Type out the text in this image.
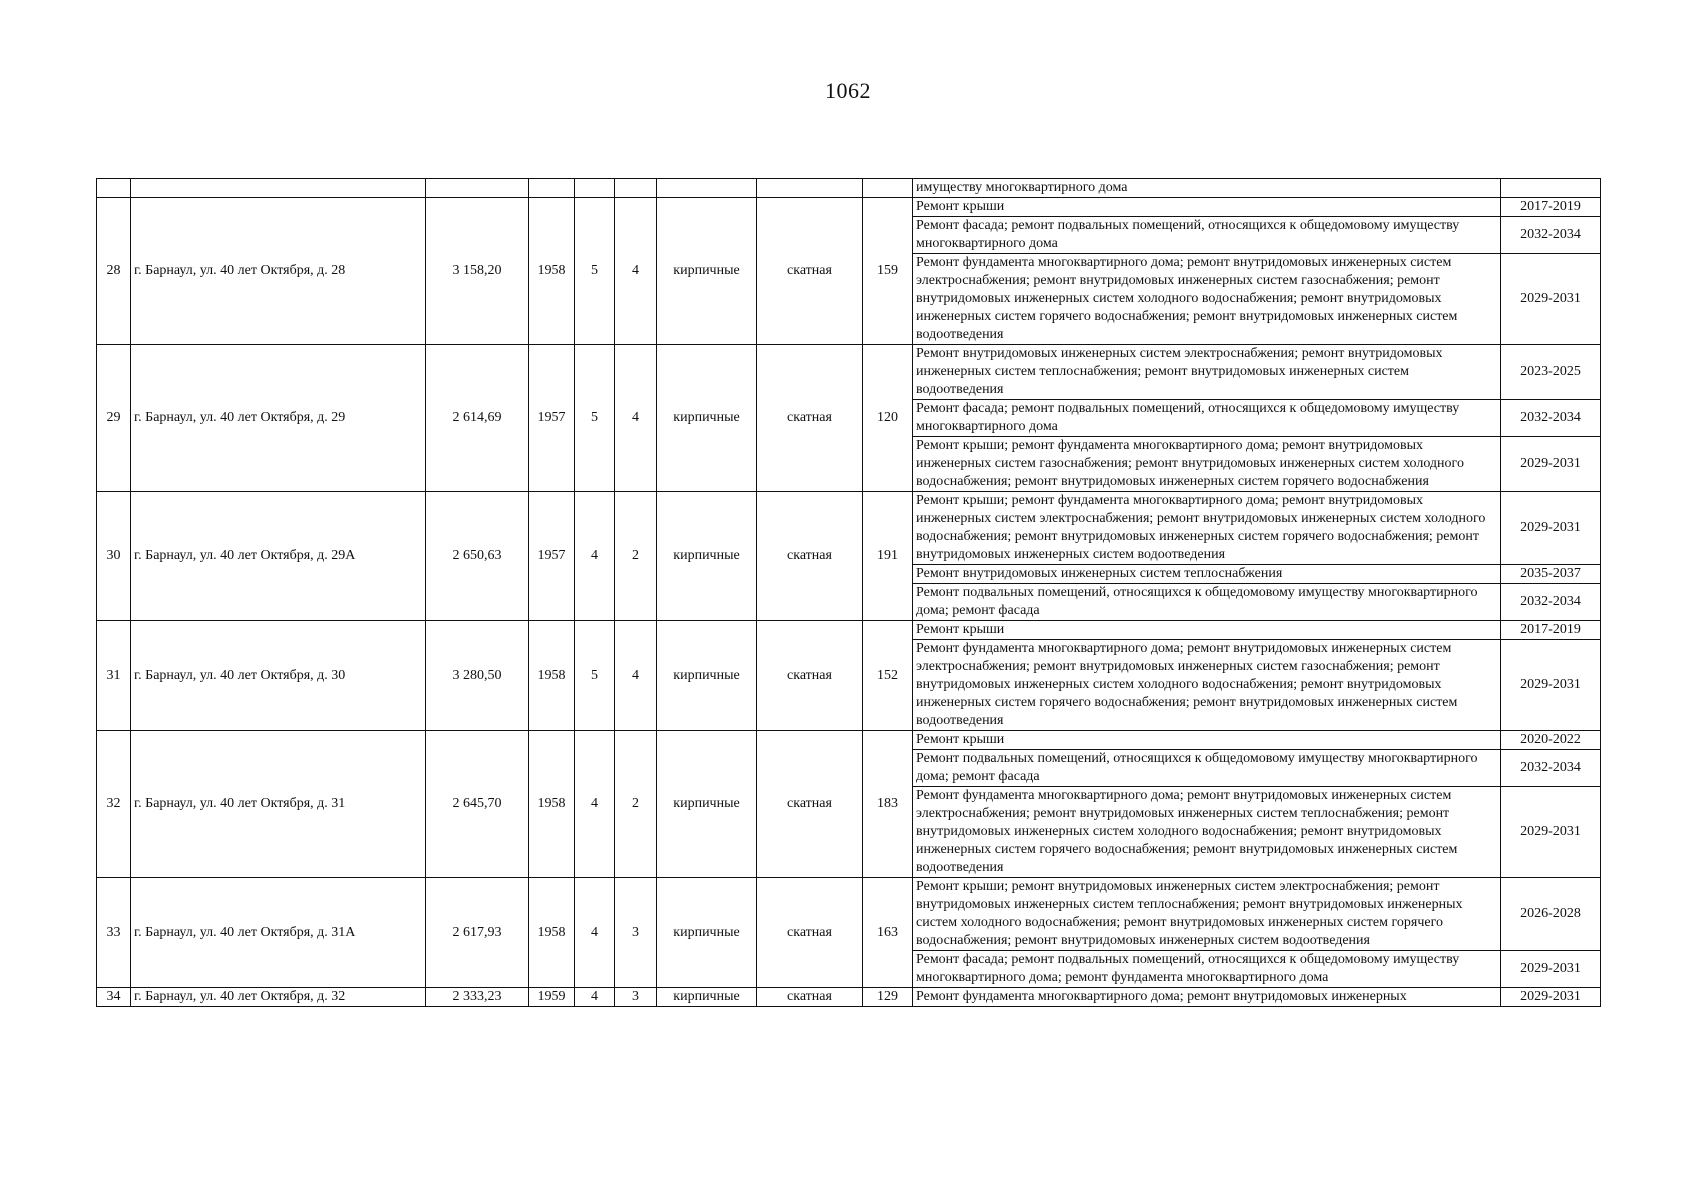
1062
									имуществу многоквартирного дома	
28	г. Барнаул, ул. 40 лет Октября, д. 28	3 158,20	1958	5	4	кирпичные	скатная	159	Ремонт крыши	2017-2019
									Ремонт фасада; ремонт подвальных помещений, относящихся к общедомовому имуществу многоквартирного дома	2032-2034
									Ремонт фундамента многоквартирного дома; ремонт внутридомовых инженерных систем электроснабжения; ремонт внутридомовых инженерных систем газоснабжения; ремонт внутридомовых инженерных систем холодного водоснабжения; ремонт внутридомовых инженерных систем горячего водоснабжения; ремонт внутридомовых инженерных систем водоотведения	2029-2031
29	г. Барнаул, ул. 40 лет Октября, д. 29	2 614,69	1957	5	4	кирпичные	скатная	120	Ремонт внутридомовых инженерных систем электроснабжения; ремонт внутридомовых инженерных систем теплоснабжения; ремонт внутридомовых инженерных систем водоотведения	2023-2025
									Ремонт фасада; ремонт подвальных помещений, относящихся к общедомовому имуществу многоквартирного дома	2032-2034
									Ремонт крыши; ремонт фундамента многоквартирного дома; ремонт внутридомовых инженерных систем газоснабжения; ремонт внутридомовых инженерных систем холодного водоснабжения; ремонт внутридомовых инженерных систем горячего водоснабжения	2029-2031
30	г. Барнаул, ул. 40 лет Октября, д. 29А	2 650,63	1957	4	2	кирпичные	скатная	191	Ремонт крыши; ремонт фундамента многоквартирного дома; ремонт внутридомовых инженерных систем электроснабжения; ремонт внутридомовых инженерных систем холодного водоснабжения; ремонт внутридомовых инженерных систем горячего водоснабжения; ремонт внутридомовых инженерных систем водоотведения	2029-2031
									Ремонт внутридомовых инженерных систем теплоснабжения	2035-2037
									Ремонт подвальных помещений, относящихся к общедомовому имуществу многоквартирного дома; ремонт фасада	2032-2034
31	г. Барнаул, ул. 40 лет Октября, д. 30	3 280,50	1958	5	4	кирпичные	скатная	152	Ремонт крыши	2017-2019
									Ремонт фундамента многоквартирного дома; ремонт внутридомовых инженерных систем электроснабжения; ремонт внутридомовых инженерных систем газоснабжения; ремонт внутридомовых инженерных систем холодного водоснабжения; ремонт внутридомовых инженерных систем горячего водоснабжения; ремонт внутридомовых инженерных систем водоотведения	2029-2031
32	г. Барнаул, ул. 40 лет Октября, д. 31	2 645,70	1958	4	2	кирпичные	скатная	183	Ремонт крыши	2020-2022
									Ремонт подвальных помещений, относящихся к общедомовому имуществу многоквартирного дома; ремонт фасада	2032-2034
									Ремонт фундамента многоквартирного дома; ремонт внутридомовых инженерных систем электроснабжения; ремонт внутридомовых инженерных систем теплоснабжения; ремонт внутридомовых инженерных систем холодного водоснабжения; ремонт внутридомовых инженерных систем горячего водоснабжения; ремонт внутридомовых инженерных систем водоотведения	2029-2031
33	г. Барнаул, ул. 40 лет Октября, д. 31А	2 617,93	1958	4	3	кирпичные	скатная	163	Ремонт крыши; ремонт внутридомовых инженерных систем электроснабжения; ремонт внутридомовых инженерных систем теплоснабжения; ремонт внутридомовых инженерных систем холодного водоснабжения; ремонт внутридомовых инженерных систем горячего водоснабжения; ремонт внутридомовых инженерных систем водоотведения	2026-2028
									Ремонт фасада; ремонт подвальных помещений, относящихся к общедомовому имуществу многоквартирного дома; ремонт фундамента многоквартирного дома	2029-2031
34	г. Барнаул, ул. 40 лет Октября, д. 32	2 333,23	1959	4	3	кирпичные	скатная	129	Ремонт фундамента многоквартирного дома; ремонт внутридомовых инженерных	2029-2031
